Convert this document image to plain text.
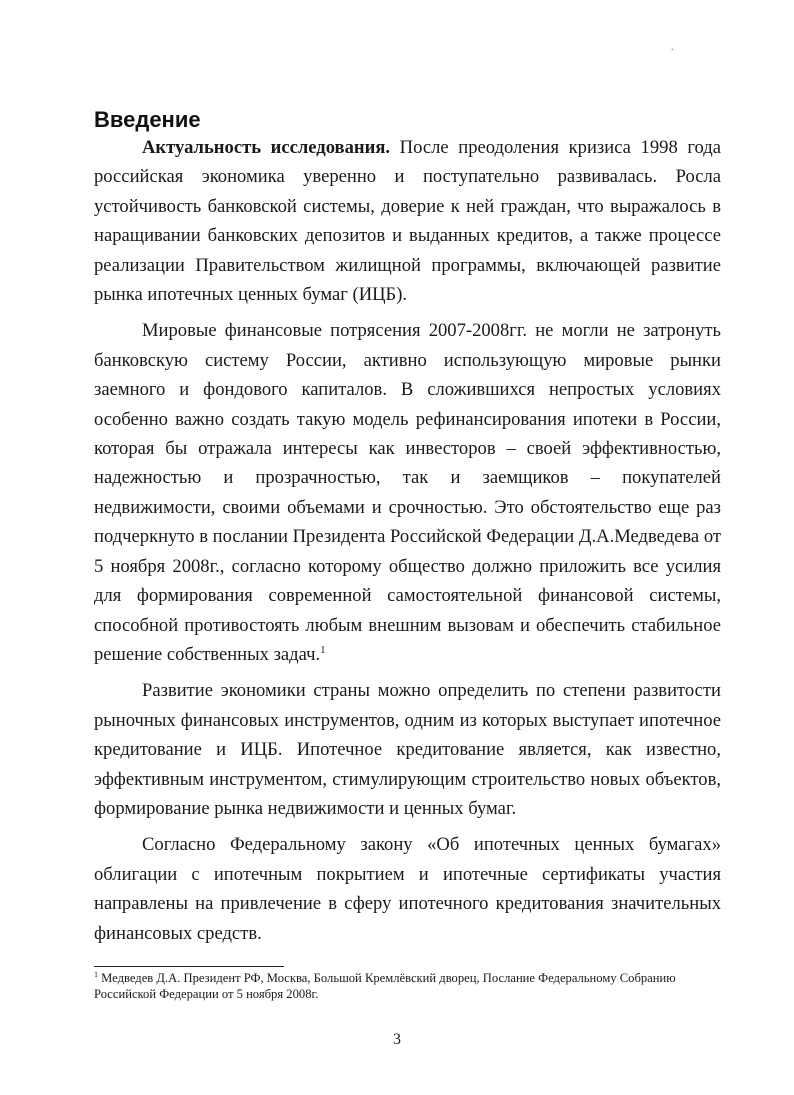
.
Введение

Актуальность исследования. После преодоления кризиса 1998 года российская экономика уверенно и поступательно развивалась. Росла устойчивость банковской системы, доверие к ней граждан, что выражалось в наращивании банковских депозитов и выданных кредитов, а также процессе реализации Правительством жилищной программы, включающей развитие рынка ипотечных ценных бумаг (ИЦБ).

Мировые финансовые потрясения 2007-2008гг. не могли не затронуть банковскую систему России, активно использующую мировые рынки заемного и фондового капиталов. В сложившихся непростых условиях особенно важно создать такую модель рефинансирования ипотеки в России, которая бы отражала интересы как инвесторов – своей эффективностью, надежностью и прозрачностью, так и заемщиков – покупателей недвижимости, своими объемами и срочностью. Это обстоятельство еще раз подчеркнуто в послании Президента Российской Федерации Д.А.Медведева от 5 ноября 2008г., согласно которому общество должно приложить все усилия для формирования современной самостоятельной финансовой системы, способной противостоять любым внешним вызовам и обеспечить стабильное решение собственных задач.$^1$

Развитие экономики страны можно определить по степени развитости рыночных финансовых инструментов, одним из которых выступает ипотечное кредитование и ИЦБ. Ипотечное кредитование является, как известно, эффективным инструментом, стимулирующим строительство новых объектов, формирование рынка недвижимости и ценных бумаг.

Согласно Федеральному закону «Об ипотечных ценных бумагах» облигации с ипотечным покрытием и ипотечные сертификаты участия направлены на привлечение в сферу ипотечного кредитования значительных финансовых средств.

$^1$ Медведев Д.А. Президент РФ, Москва, Большой Кремлёвский дворец, Послание Федеральному Собранию Российской Федерации от 5 ноября 2008г.

3
